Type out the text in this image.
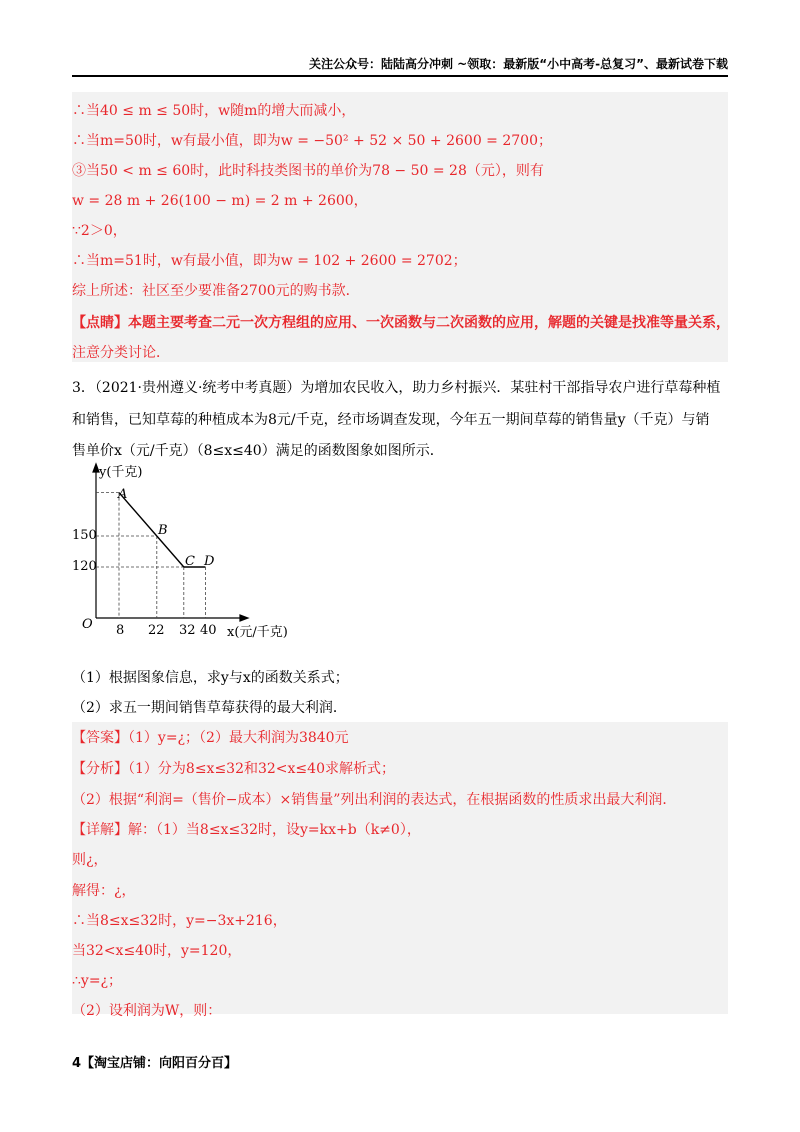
关注公众号：陆陆高分冲刺 ~领取：最新版“小中高考-总复习”、最新试卷下载
∴当40 ≤ m ≤ 50时，w随m的增大而减小，
∴当m=50时，w有最小值，即为w = −50² + 52 × 50 + 2600 = 2700；
③当50 < m ≤ 60时，此时科技类图书的单价为78 − 50 = 28（元），则有
w = 28 m + 26(100 − m) = 2 m + 2600，
∵2＞0，
∴当m=51时，w有最小值，即为w = 102 + 2600 = 2702；
综上所述：社区至少要准备2700元的购书款．
【点睛】本题主要考查二元一次方程组的应用、一次函数与二次函数的应用，解题的关键是找准等量关系，
注意分类讨论．
3．（2021·贵州遵义·统考中考真题）为增加农民收入，助力乡村振兴．某驻村干部指导农户进行草莓种植
和销售，已知草莓的种植成本为8元/千克，经市场调查发现，今年五一期间草莓的销售量y（千克）与销
售单价x（元/千克）（8≤x≤40）满足的函数图象如图所示．
y(千克)
x(元/千克)
O
A
B
C D
150
120
8 22 32 40
（1）根据图象信息，求y与x的函数关系式；
（2）求五一期间销售草莓获得的最大利润．
【答案】（1）y=¿；（2）最大利润为3840元
【分析】（1）分为8≤x≤32和32<x≤40求解析式；
（2）根据“利润=（售价−成本）×销售量”列出利润的表达式，在根据函数的性质求出最大利润．
【详解】解：（1）当8≤x≤32时，设y=kx+b（k≠0），
则¿，
解得：¿，
∴当8≤x≤32时，y=−3x+216，
当32<x≤40时，y=120，
∴y=¿；
（2）设利润为W，则：
4【淘宝店铺：向阳百分百】
